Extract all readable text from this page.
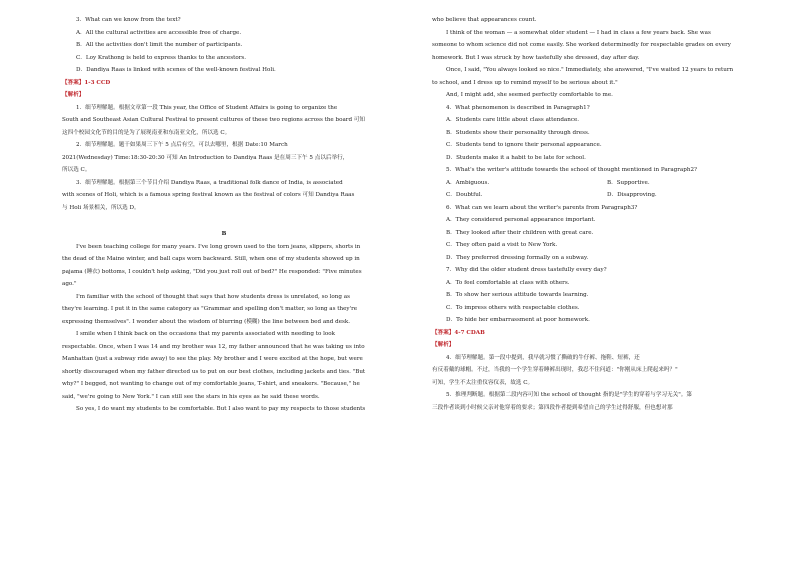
3．What can we know from the text?
A．All the cultural activities are accessible free of charge.
B．All the activities don't limit the number of participants.
C．Loy Krathong is held to express thanks to the ancestors.
D．Dandiya Raas is linked with scenes of the well-known festival Holi.
【答案】1-3 CCD
【解析】
1．细节理解题。根据文章第一段 This year, the Office of Student Affairs is going to organize the
South and Southeast Asian Cultural Festival to present cultures of these two regions across the board 可知
这四个校园文化节的目的是为了展现南亚和东南亚文化，所以选 C。
2．细节理解题。题干如果周三下午 5 点后有空，可以去哪里，根据 Date:10 March
2021(Wednesday) Time:18:30-20:30 可知 An Introduction to Dandiya Raas 是在周三下午 5 点以后举行，
所以选 C。
3．细节理解题。根据第三个节目介绍 Dandiya Raas, a traditional folk dance of India, is associated
with scenes of Holi, which is a famous spring festival known as the festival of colors 可知 Dandiya Raas
与 Holi 场景相关，所以选 D。
B
I've been teaching college for many years. I've long grown used to the torn jeans, slippers, shorts in
the dead of the Maine winter, and ball caps worn backward. Still, when one of my students showed up in
pajama (睡衣) bottoms, I couldn't help asking, "Did you just roll out of bed?" He responded: "Five minutes
ago."
I'm familiar with the school of thought that says that how students dress is unrelated, so long as
they're learning. I put it in the same category as "Grammar and spelling don't matter, so long as they're
expressing themselves". I wonder about the wisdom of blurring (模糊) the line between bed and desk.
I smile when I think back on the occasions that my parents associated with needing to look
respectable. Once, when I was 14 and my brother was 12, my father announced that he was taking us into
Manhattan (just a subway ride away) to see the play. My brother and I were excited at the hope, but were
shortly discouraged when my father directed us to put on our best clothes, including jackets and ties. "But
why?" I begged, not wanting to change out of my comfortable jeans, T-shirt, and sneakers. "Because," he
said, "we're going to New York." I can still see the stars in his eyes as he said these words.
So yes, I do want my students to be comfortable. But I also want to pay my respects to those students
who believe that appearances count.
I think of the woman — a somewhat older student — I had in class a few years back. She was
someone to whom science did not come easily. She worked determinedly for respectable grades on every
homework. But I was struck by how tastefully she dressed, day after day.
Once, I said, "You always looked so nice." Immediately, she answered, "I've waited 12 years to return
to school, and I dress up to remind myself to be serious about it."
And, I might add, she seemed perfectly comfortable to me.
4．What phenomenon is described in Paragraph1?
A．Students care little about class attendance.
B．Students show their personality through dress.
C．Students tend to ignore their personal appearance.
D．Students make it a habit to be late for school.
5．What's the writer's attitude towards the school of thought mentioned in Paragraph2?
A．Ambiguous.	B．Supportive.
C．Doubtful.	D．Disapproving.
6．What can we learn about the writer's parents from Paragraph3?
A．They considered personal appearance important.
B．They looked after their children with great care.
C．They often paid a visit to New York.
D．They preferred dressing formally on a subway.
7．Why did the older student dress tastefully every day?
A．To feel comfortable at class with others.
B．To show her serious attitude towards learning.
C．To impress others with respectable clothes.
D．To hide her embarrassment at poor homework.
【答案】4-7 CDAB
【解析】
4．细节理解题。第一段中提到，我早就习惯了撕破的牛仔裤、拖鞋、短裤，还
有反着戴的球帽。不过，当我的一个学生穿着睡裤出现时，我忍不住问道："你刚从床上爬起来吗？"
可知，学生不太注重仪容仪表，故选 C。
5．推理判断题。根据第二段内容可知 the school of thought 指的是"学生的穿着与学习无关"。第
三段作者谈到小时候父亲对他穿着的要求；第四段作者提到希望自己的学生过得舒服，但也想对那
